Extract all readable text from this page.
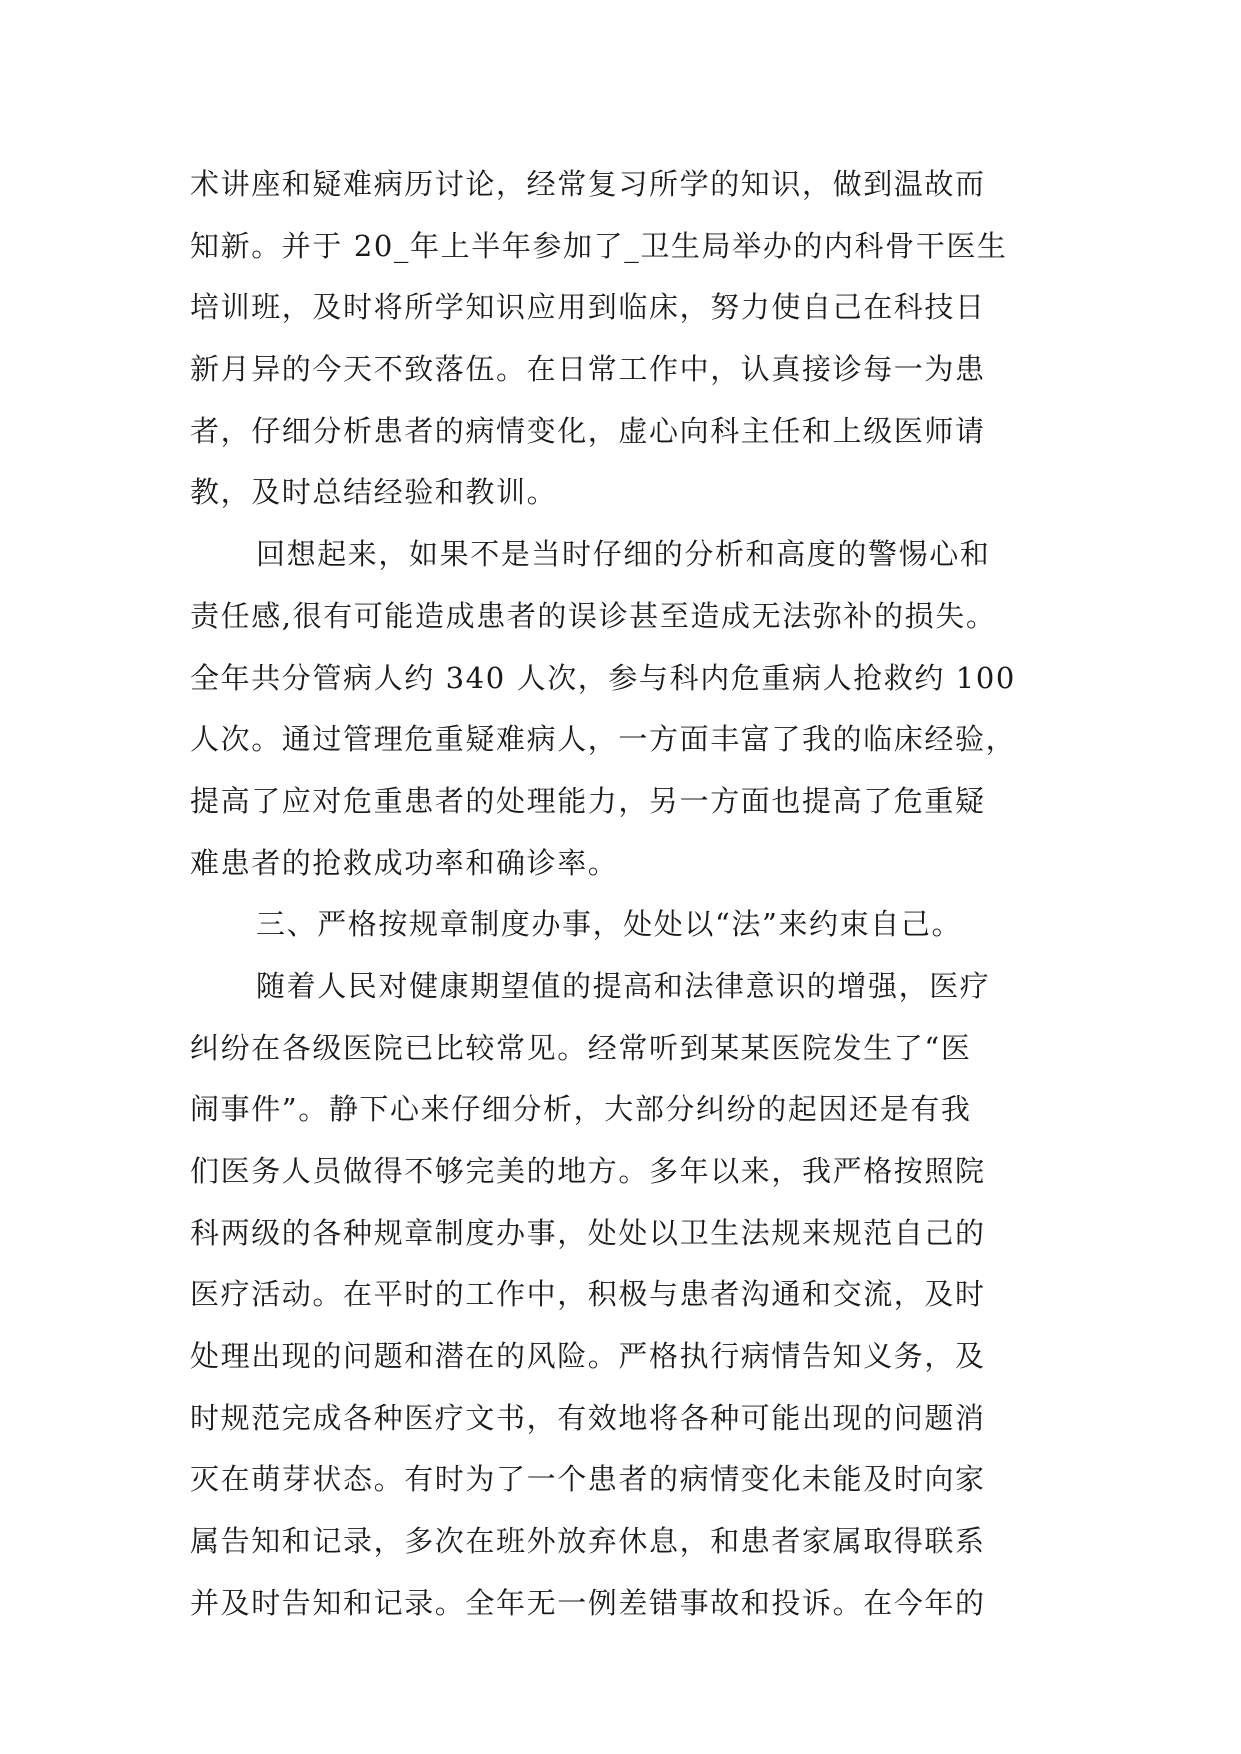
术讲座和疑难病历讨论，经常复习所学的知识，做到温故而
知新。并于 20_年上半年参加了_卫生局举办的内科骨干医生
培训班，及时将所学知识应用到临床，努力使自己在科技日
新月异的今天不致落伍。在日常工作中，认真接诊每一为患
者，仔细分析患者的病情变化，虚心向科主任和上级医师请
教，及时总结经验和教训。
回想起来，如果不是当时仔细的分析和高度的警惕心和
责任感,很有可能造成患者的误诊甚至造成无法弥补的损失。
全年共分管病人约 340 人次，参与科内危重病人抢救约 100
人次。通过管理危重疑难病人，一方面丰富了我的临床经验，
提高了应对危重患者的处理能力，另一方面也提高了危重疑
难患者的抢救成功率和确诊率。
三、严格按规章制度办事，处处以“法”来约束自己。
随着人民对健康期望值的提高和法律意识的增强，医疗
纠纷在各级医院已比较常见。经常听到某某医院发生了“医
闹事件”。静下心来仔细分析，大部分纠纷的起因还是有我
们医务人员做得不够完美的地方。多年以来，我严格按照院
科两级的各种规章制度办事，处处以卫生法规来规范自己的
医疗活动。在平时的工作中，积极与患者沟通和交流，及时
处理出现的问题和潜在的风险。严格执行病情告知义务，及
时规范完成各种医疗文书，有效地将各种可能出现的问题消
灭在萌芽状态。有时为了一个患者的病情变化未能及时向家
属告知和记录，多次在班外放弃休息，和患者家属取得联系
并及时告知和记录。全年无一例差错事故和投诉。在今年的
